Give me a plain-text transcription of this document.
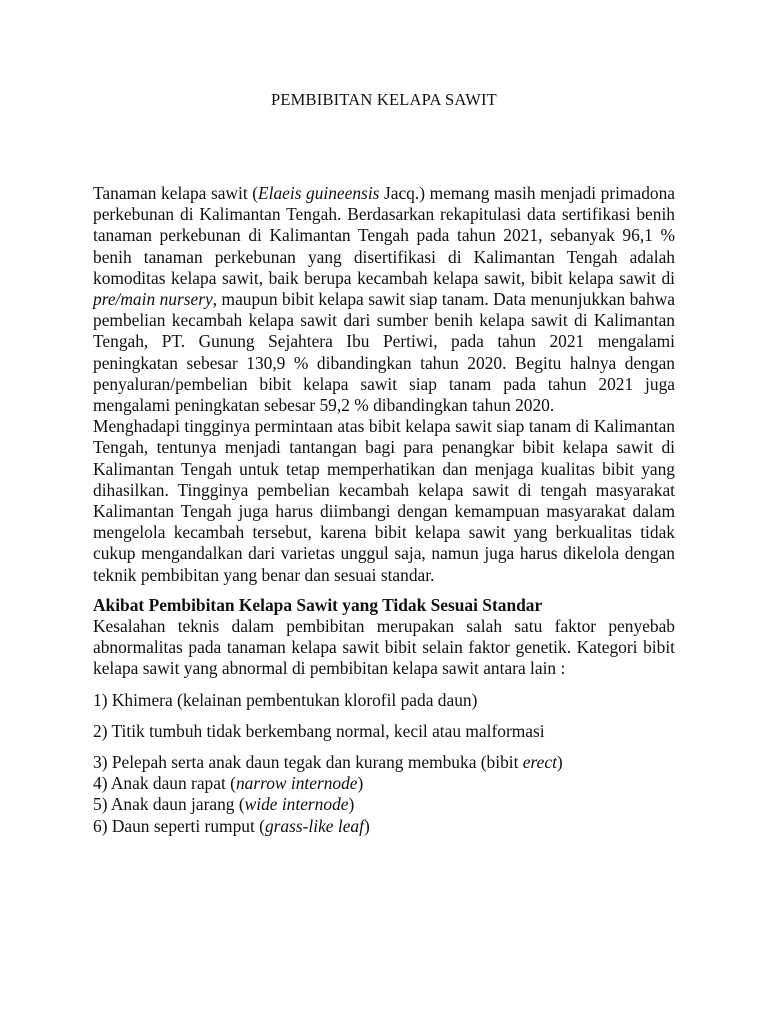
PEMBIBITAN KELAPA SAWIT

Tanaman kelapa sawit (Elaeis guineensis Jacq.) memang masih menjadi primadona perkebunan di Kalimantan Tengah. Berdasarkan rekapitulasi data sertifikasi benih tanaman perkebunan di Kalimantan Tengah pada tahun 2021, sebanyak 96,1 % benih tanaman perkebunan yang disertifikasi di Kalimantan Tengah adalah komoditas kelapa sawit, baik berupa kecambah kelapa sawit, bibit kelapa sawit di pre/main nursery, maupun bibit kelapa sawit siap tanam. Data menunjukkan bahwa pembelian kecambah kelapa sawit dari sumber benih kelapa sawit di Kalimantan Tengah, PT. Gunung Sejahtera Ibu Pertiwi, pada tahun 2021 mengalami peningkatan sebesar 130,9 % dibandingkan tahun 2020. Begitu halnya dengan penyaluran/pembelian bibit kelapa sawit siap tanam pada tahun 2021 juga mengalami peningkatan sebesar 59,2 % dibandingkan tahun 2020.

Menghadapi tingginya permintaan atas bibit kelapa sawit siap tanam di Kalimantan Tengah, tentunya menjadi tantangan bagi para penangkar bibit kelapa sawit di Kalimantan Tengah untuk tetap memperhatikan dan menjaga kualitas bibit yang dihasilkan. Tingginya pembelian kecambah kelapa sawit di tengah masyarakat Kalimantan Tengah juga harus diimbangi dengan kemampuan masyarakat dalam mengelola kecambah tersebut, karena bibit kelapa sawit yang berkualitas tidak cukup mengandalkan dari varietas unggul saja, namun juga harus dikelola dengan teknik pembibitan yang benar dan sesuai standar.

Akibat Pembibitan Kelapa Sawit yang Tidak Sesuai Standar

Kesalahan teknis dalam pembibitan merupakan salah satu faktor penyebab abnormalitas pada tanaman kelapa sawit bibit selain faktor genetik. Kategori bibit kelapa sawit yang abnormal di pembibitan kelapa sawit antara lain :

1) Khimera (kelainan pembentukan klorofil pada daun)

2) Titik tumbuh tidak berkembang normal, kecil atau malformasi

3) Pelepah serta anak daun tegak dan kurang membuka (bibit erect)

4) Anak daun rapat (narrow internode)

5) Anak daun jarang (wide internode)

6) Daun seperti rumput (grass-like leaf)
